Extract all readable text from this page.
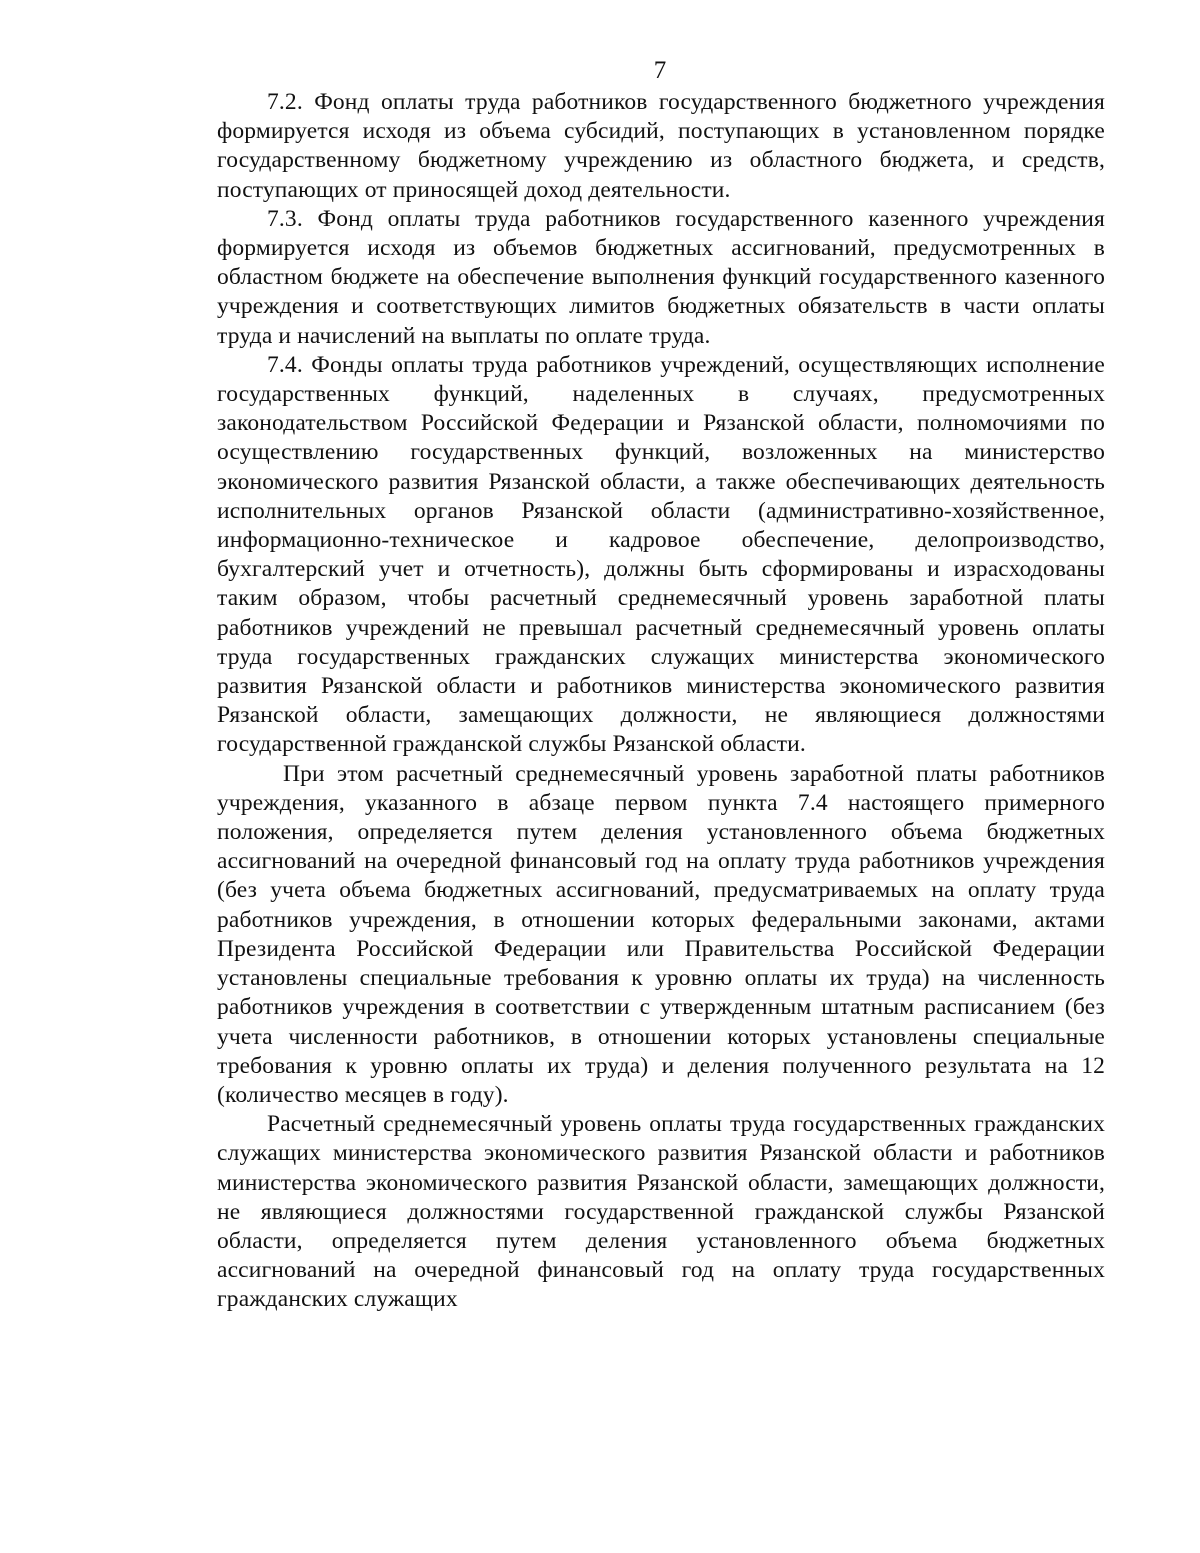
7

7.2. Фонд оплаты труда работников государственного бюджетного учреждения формируется исходя из объема субсидий, поступающих в установленном порядке государственному бюджетному учреждению из областного бюджета, и средств, поступающих от приносящей доход деятельности.

7.3. Фонд оплаты труда работников государственного казенного учреждения формируется исходя из объемов бюджетных ассигнований, предусмотренных в областном бюджете на обеспечение выполнения функций государственного казенного учреждения и соответствующих лимитов бюджетных обязательств в части оплаты труда и начислений на выплаты по оплате труда.

7.4. Фонды оплаты труда работников учреждений, осуществляющих исполнение государственных функций, наделенных в случаях, предусмотренных законодательством Российской Федерации и Рязанской области, полномочиями по осуществлению государственных функций, возложенных на министерство экономического развития Рязанской области, а также обеспечивающих деятельность исполнительных органов Рязанской области (административно-хозяйственное, информационно-техническое и кадровое обеспечение, делопроизводство, бухгалтерский учет и отчетность), должны быть сформированы и израсходованы таким образом, чтобы расчетный среднемесячный уровень заработной платы работников учреждений не превышал расчетный среднемесячный уровень оплаты труда государственных гражданских служащих министерства экономического развития Рязанской области и работников министерства экономического развития Рязанской области, замещающих должности, не являющиеся должностями государственной гражданской службы Рязанской области.

При этом расчетный среднемесячный уровень заработной платы работников учреждения, указанного в абзаце первом пункта 7.4 настоящего примерного положения, определяется путем деления установленного объема бюджетных ассигнований на очередной финансовый год на оплату труда работников учреждения (без учета объема бюджетных ассигнований, предусматриваемых на оплату труда работников учреждения, в отношении которых федеральными законами, актами Президента Российской Федерации или Правительства Российской Федерации установлены специальные требования к уровню оплаты их труда) на численность работников учреждения в соответствии с утвержденным штатным расписанием (без учета численности работников, в отношении которых установлены специальные требования к уровню оплаты их труда) и деления полученного результата на 12 (количество месяцев в году).

Расчетный среднемесячный уровень оплаты труда государственных гражданских служащих министерства экономического развития Рязанской области и работников министерства экономического развития Рязанской области, замещающих должности, не являющиеся должностями государственной гражданской службы Рязанской области, определяется путем деления установленного объема бюджетных ассигнований на очередной финансовый год на оплату труда государственных гражданских служащих
